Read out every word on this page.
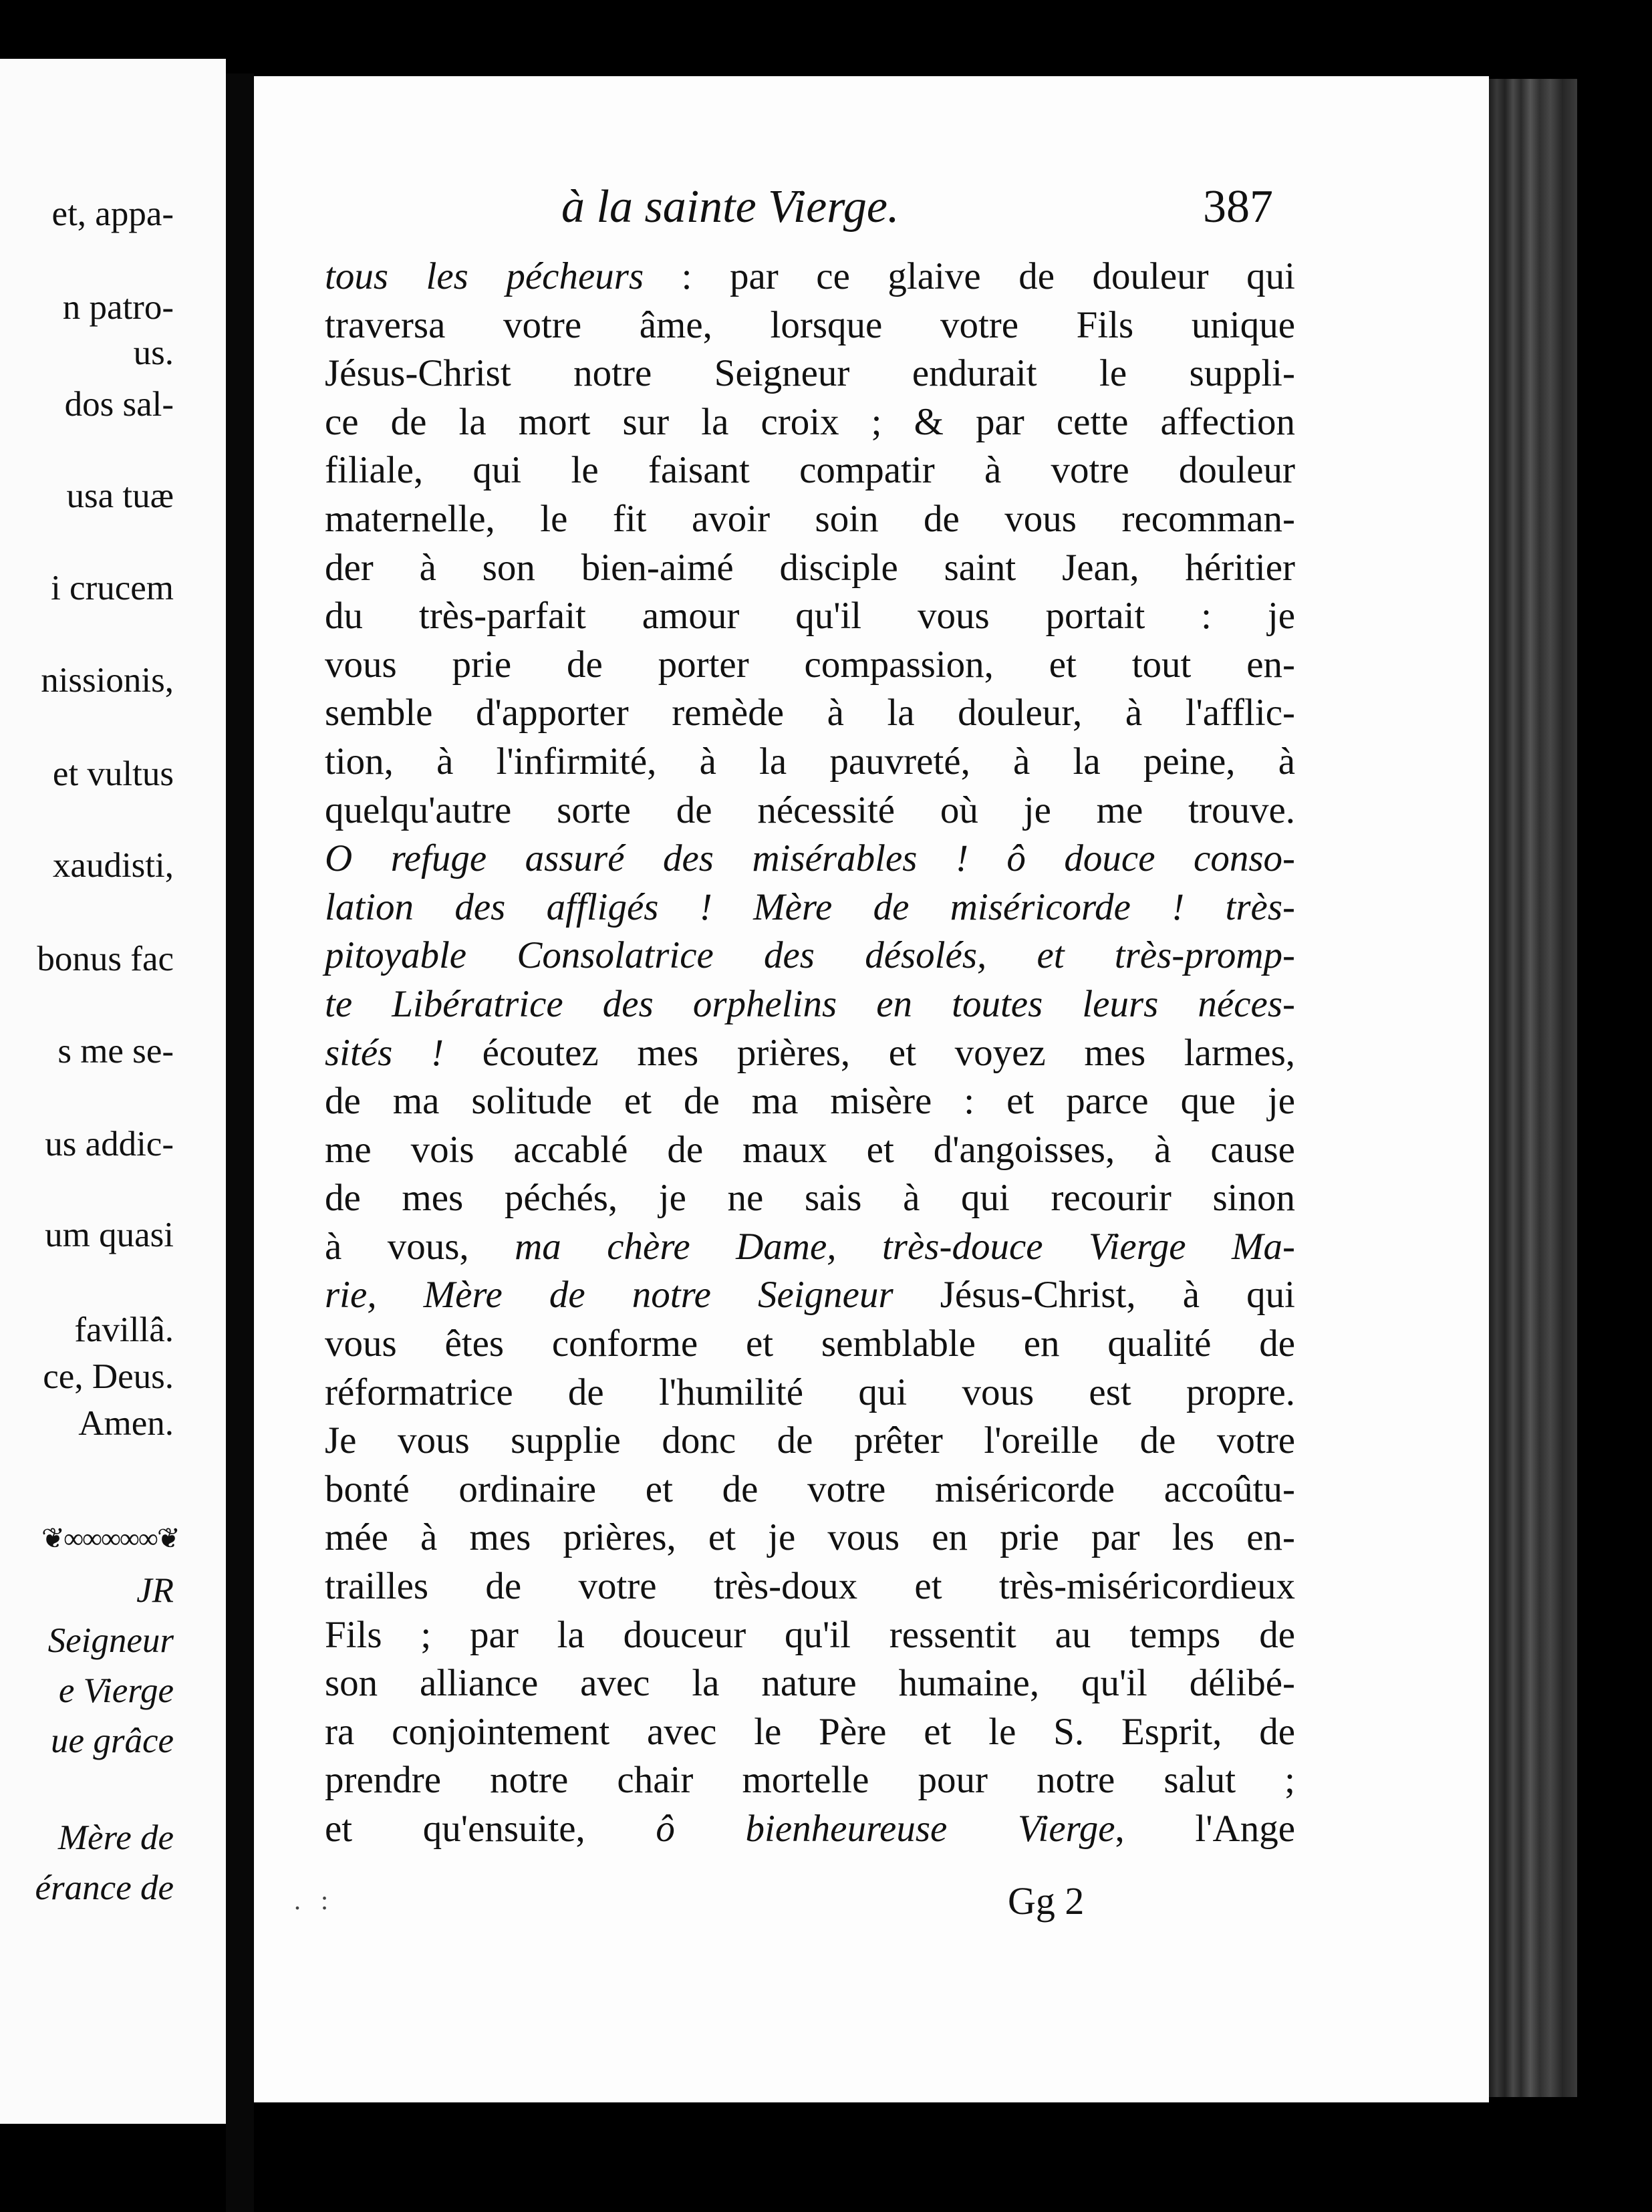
et, appa-
n patro-
us.
dos sal-
usa tuæ
i crucem
nissionis,
et vultus
xaudisti,
bonus fac
s me se-
us addic-
um quasi
favillâ.
ce, Deus.
Amen.
JR
Seigneur
e Vierge
ue grâce
Mère de
érance de
❦∞∞∞∞∞❦
à la sainte Vierge.	387
tous les pécheurs : par ce glaive de douleur qui
traversa votre âme, lorsque votre Fils unique
Jésus-Christ notre Seigneur endurait le suppli-
ce de la mort sur la croix ; & par cette affection
filiale, qui le faisant compatir à votre douleur
maternelle, le fit avoir soin de vous recomman-
der à son bien-aimé disciple saint Jean, héritier
du très-parfait amour qu'il vous portait : je
vous prie de porter compassion, et tout en-
semble d'apporter remède à la douleur, à l'afflic-
tion, à l'infirmité, à la pauvreté, à la peine, à
quelqu'autre sorte de nécessité où je me trouve.
O refuge assuré des misérables ! ô douce conso-
lation des affligés ! Mère de miséricorde ! très-
pitoyable Consolatrice des désolés, et très-promp-
te Libératrice des orphelins en toutes leurs néces-
sités ! écoutez mes prières, et voyez mes larmes,
de ma solitude et de ma misère : et parce que je
me vois accablé de maux et d'angoisses, à cause
de mes péchés, je ne sais à qui recourir sinon
à vous, ma chère Dame, très-douce Vierge Ma-
rie, Mère de notre Seigneur Jésus-Christ, à qui
vous êtes conforme et semblable en qualité de
réformatrice de l'humilité qui vous est propre.
Je vous supplie donc de prêter l'oreille de votre
bonté ordinaire et de votre miséricorde accoûtu-
mée à mes prières, et je vous en prie par les en-
trailles de votre très-doux et très-miséricordieux
Fils ; par la douceur qu'il ressentit au temps de
son alliance avec la nature humaine, qu'il délibé-
ra conjointement avec le Père et le S. Esprit, de
prendre notre chair mortelle pour notre salut ;
et qu'ensuite, ô bienheureuse Vierge, l'Ange
.   :	Gg 2
